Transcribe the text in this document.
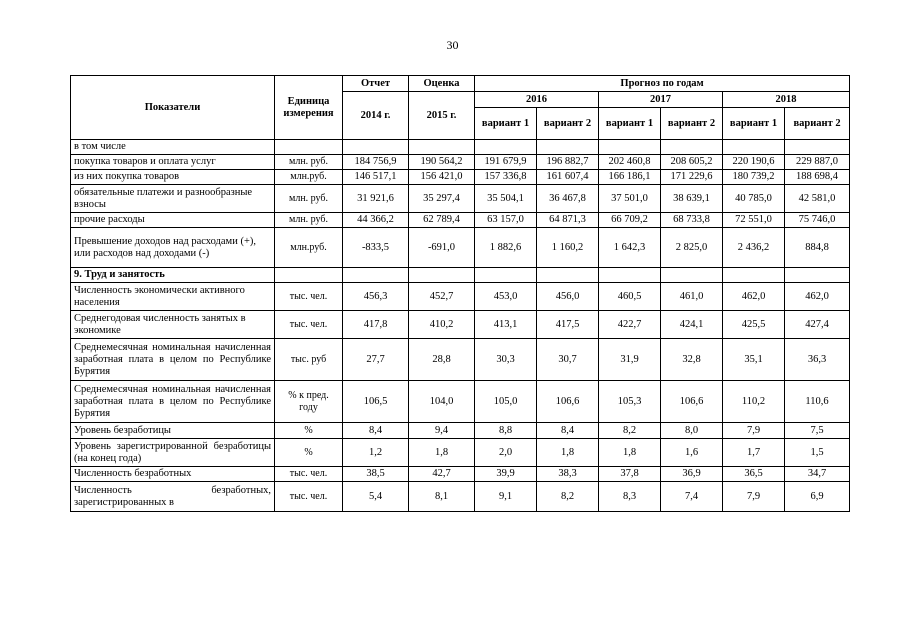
30
Показатели	Единица измерения	Отчет	Оценка	Прогноз по годам					
		2014 г.	2015 г.	2016		2017		2018	
				вариант 1	вариант 2	вариант 1	вариант 2	вариант 1	вариант 2
в том числе									
покупка товаров и оплата услуг	млн. руб.	184 756,9	190 564,2	191 679,9	196 882,7	202 460,8	208 605,2	220 190,6	229 887,0
из них покупка товаров	млн.руб.	146 517,1	156 421,0	157 336,8	161 607,4	166 186,1	171 229,6	180 739,2	188 698,4
обязательные платежи и разнообразные взносы	млн. руб.	31 921,6	35 297,4	35 504,1	36 467,8	37 501,0	38 639,1	40 785,0	42 581,0
прочие расходы	млн. руб.	44 366,2	62 789,4	63 157,0	64 871,3	66 709,2	68 733,8	72 551,0	75 746,0
Превышение доходов над расходами (+), или расходов над доходами (-)	млн.руб.	-833,5	-691,0	1 882,6	1 160,2	1 642,3	2 825,0	2 436,2	884,8
9. Труд и занятость									
Численность экономически активного населения	тыс. чел.	456,3	452,7	453,0	456,0	460,5	461,0	462,0	462,0
Среднегодовая численность занятых в экономике	тыс. чел.	417,8	410,2	413,1	417,5	422,7	424,1	425,5	427,4
Среднемесячная номинальная начисленная заработная плата в целом по Республике Бурятия	тыс. руб	27,7	28,8	30,3	30,7	31,9	32,8	35,1	36,3
Среднемесячная номинальная начисленная заработная плата в целом по Республике Бурятия	% к пред. году	106,5	104,0	105,0	106,6	105,3	106,6	110,2	110,6
Уровень безработицы	%	8,4	9,4	8,8	8,4	8,2	8,0	7,9	7,5
Уровень зарегистрированной безработицы (на конец года)	%	1,2	1,8	2,0	1,8	1,8	1,6	1,7	1,5
Численность безработных	тыс. чел.	38,5	42,7	39,9	38,3	37,8	36,9	36,5	34,7
Численность безработных, зарегистрированных в	тыс. чел.	5,4	8,1	9,1	8,2	8,3	7,4	7,9	6,9
